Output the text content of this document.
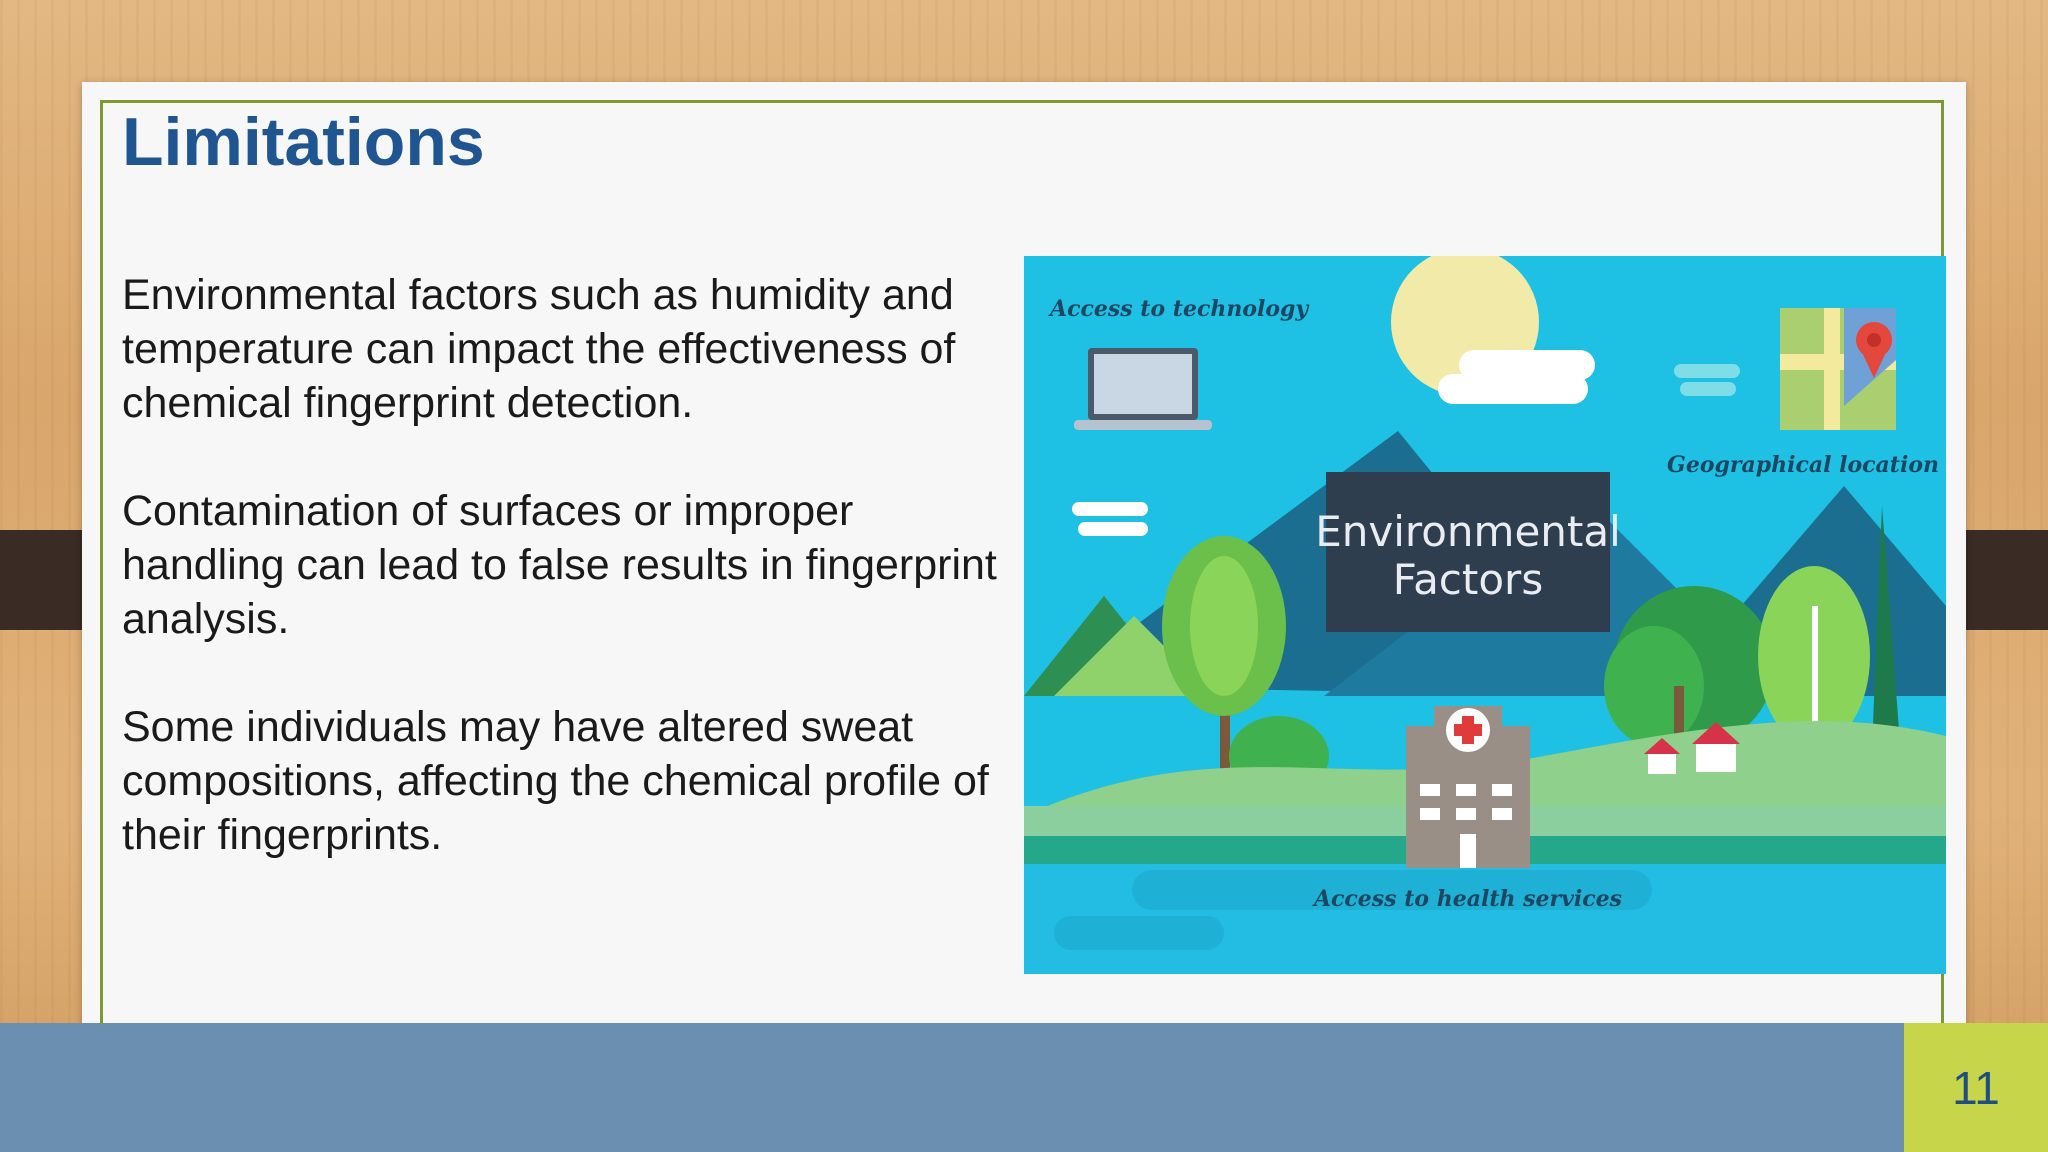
Limitations

Environmental factors such as humidity and temperature can impact the effectiveness of chemical fingerprint detection.

Contamination of surfaces or improper handling can lead to false results in fingerprint analysis.

Some individuals may have altered sweat compositions, affecting the chemical profile of their fingerprints.

Environmental
Factors
Access to technology
Geographical location
Access to health services
11
